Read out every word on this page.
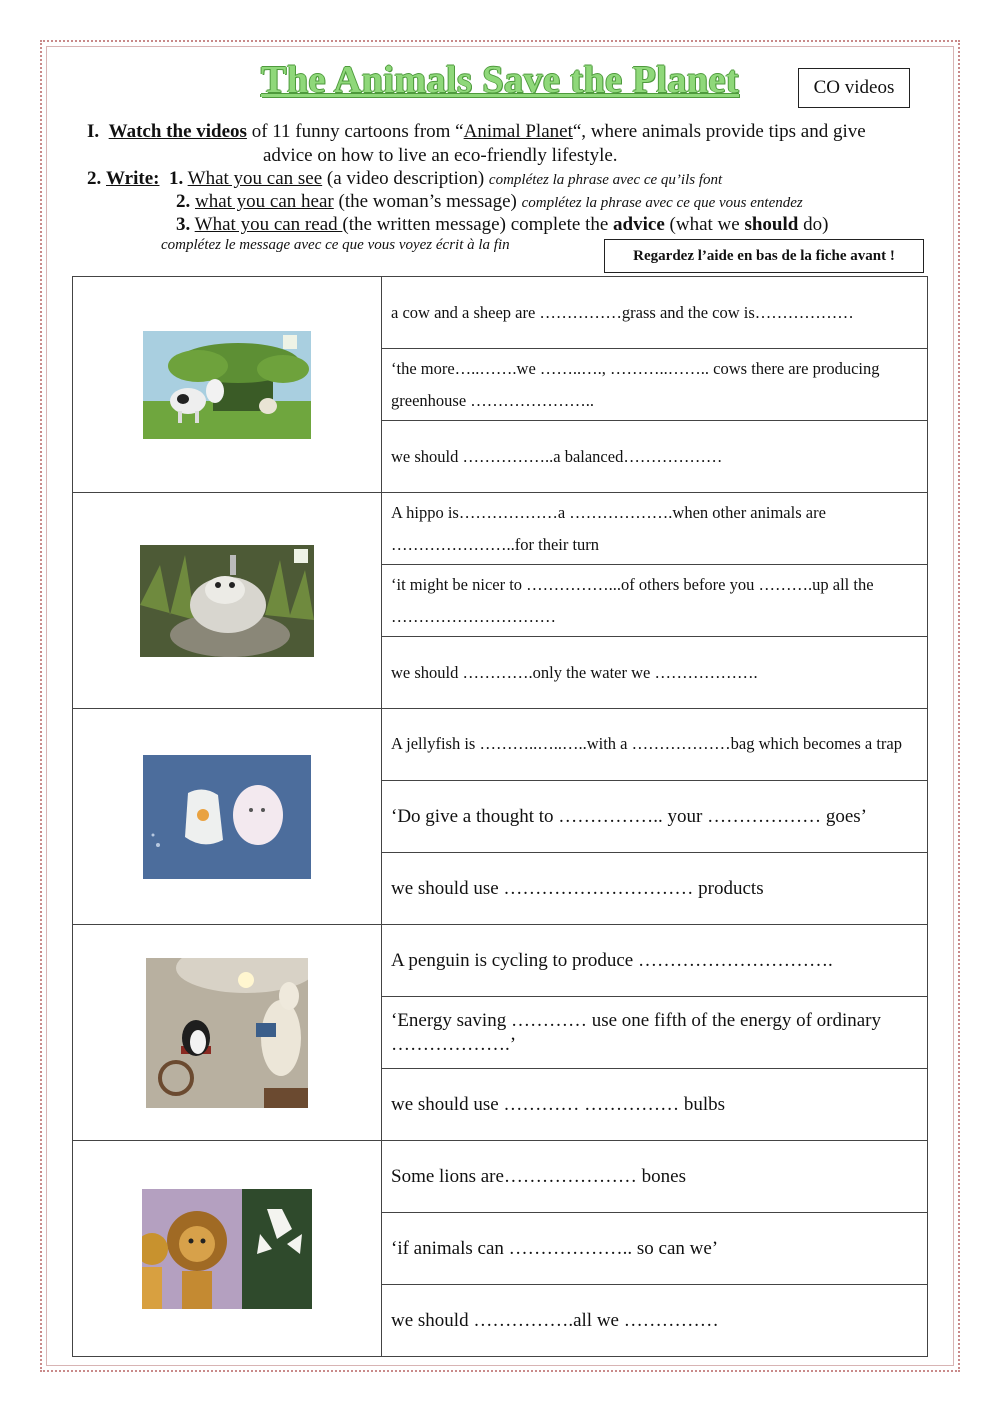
The Animals Save the Planet	CO videos
I. Watch the videos of 11 funny cartoons from “Animal Planet“, where animals provide tips and give
advice on how to live an eco-friendly lifestyle.
2. Write: 1. What you can see (a video description) complétez la phrase avec ce qu’ils font
2. what you can hear (the woman’s message) complétez la phrase avec ce que vous entendez
3. What you can read (the written message) complete the advice (what we should do)
complétez le message avec ce que vous voyez écrit à la fin
Regardez l’aide en bas de la fiche avant !
	a cow and a sheep are ……………grass and the cow is………………
	‘the more…..…….we ……..…., ………..…….. cows there are producing greenhouse …………………..
	we should ……………..a balanced………………
	A hippo is………………a ……………….when other animals are …………………..for their turn
	‘it might be nicer to ……………...of others before you ……….up all the …………………………
	we should ………….only the water we ……………….
	A jellyfish is ………..…..…..with a ………………bag which becomes a trap
	‘Do give a thought to …………….. your ……………… goes’
	we should use ………………………… products
	A penguin is cycling to produce ………………………….
	‘Energy saving ………… use one fifth of the energy of ordinary ……………….’
	we should use ………… …………… bulbs
	Some lions are………………… bones
	‘if animals can ……………….. so can we’
	we should …………….all we ……………
